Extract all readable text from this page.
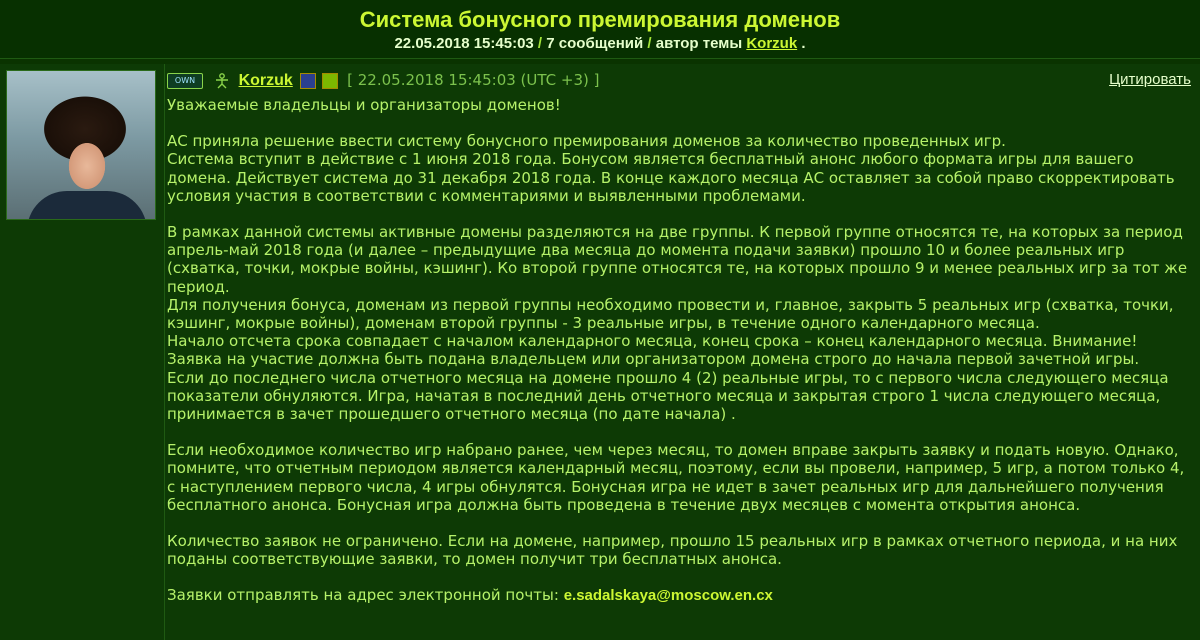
Система бонусного премирования доменов
22.05.2018 15:45:03 / 7 сообщений / автор темы Korzuk .
OWN	Korzuk	[ 22.05.2018 15:45:03 (UTC +3) ]	Цитировать

Уважаемые владельцы и организаторы доменов!

АС приняла решение ввести систему бонусного премирования доменов за количество проведенных игр.
Система вступит в действие с 1 июня 2018 года. Бонусом является бесплатный анонс любого формата игры для вашего домена. Действует система до 31 декабря 2018 года. В конце каждого месяца АС оставляет за собой право скорректировать условия участия в соответствии с комментариями и выявленными проблемами.

В рамках данной системы активные домены разделяются на две группы. К первой группе относятся те, на которых за период апрель-май 2018 года (и далее – предыдущие два месяца до момента подачи заявки) прошло 10 и более реальных игр (схватка, точки, мокрые войны, кэшинг). Ко второй группе относятся те, на которых прошло 9 и менее реальных игр за тот же период.
Для получения бонуса, доменам из первой группы необходимо провести и, главное, закрыть 5 реальных игр (схватка, точки, кэшинг, мокрые войны), доменам второй группы - 3 реальные игры, в течение одного календарного месяца.
Начало отсчета срока совпадает с началом календарного месяца, конец срока – конец календарного месяца. Внимание! Заявка на участие должна быть подана владельцем или организатором домена строго до начала первой зачетной игры.
Если до последнего числа отчетного месяца на домене прошло 4 (2) реальные игры, то с первого числа следующего месяца показатели обнуляются. Игра, начатая в последний день отчетного месяца и закрытая строго 1 числа следующего месяца, принимается в зачет прошедшего отчетного месяца (по дате начала) .

Если необходимое количество игр набрано ранее, чем через месяц, то домен вправе закрыть заявку и подать новую. Однако, помните, что отчетным периодом является календарный месяц, поэтому, если вы провели, например, 5 игр, а потом только 4, с наступлением первого числа, 4 игры обнулятся. Бонусная игра не идет в зачет реальных игр для дальнейшего получения бесплатного анонса. Бонусная игра должна быть проведена в течение двух месяцев с момента открытия анонса.

Количество заявок не ограничено. Если на домене, например, прошло 15 реальных игр в рамках отчетного периода, и на них поданы соответствующие заявки, то домен получит три бесплатных анонса.

Заявки отправлять на адрес электронной почты: e.sadalskaya@moscow.en.cx
